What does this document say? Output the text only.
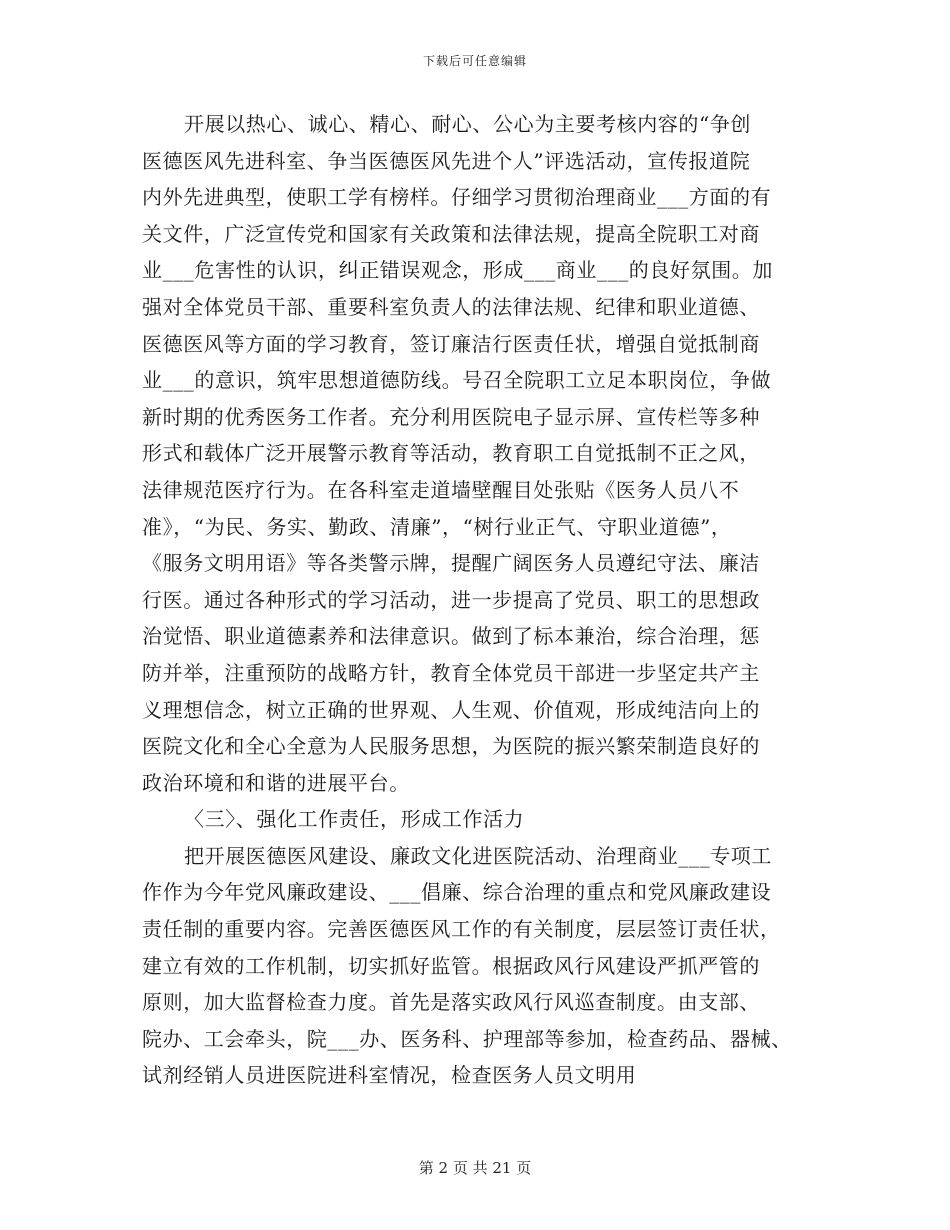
下载后可任意编辑
开展以热心、诚心、精心、耐心、公心为主要考核内容的“争创
医德医风先进科室、争当医德医风先进个人”评选活动，宣传报道院
内外先进典型，使职工学有榜样。仔细学习贯彻治理商业___方面的有
关文件，广泛宣传党和国家有关政策和法律法规，提高全院职工对商
业___危害性的认识，纠正错误观念，形成___商业___的良好氛围。加
强对全体党员干部、重要科室负责人的法律法规、纪律和职业道德、
医德医风等方面的学习教育，签订廉洁行医责任状，增强自觉抵制商
业___的意识，筑牢思想道德防线。号召全院职工立足本职岗位，争做
新时期的优秀医务工作者。充分利用医院电子显示屏、宣传栏等多种
形式和载体广泛开展警示教育等活动，教育职工自觉抵制不正之风，
法律规范医疗行为。在各科室走道墙壁醒目处张贴《医务人员八不
准》，“为民、务实、勤政、清廉”，“树行业正气、守职业道德”，
《服务文明用语》等各类警示牌，提醒广阔医务人员遵纪守法、廉洁
行医。通过各种形式的学习活动，进一步提高了党员、职工的思想政
治觉悟、职业道德素养和法律意识。做到了标本兼治，综合治理，惩
防并举，注重预防的战略方针，教育全体党员干部进一步坚定共产主
义理想信念，树立正确的世界观、人生观、价值观，形成纯洁向上的
医院文化和全心全意为人民服务思想，为医院的振兴繁荣制造良好的
政治环境和和谐的进展平台。
〈三〉、强化工作责任，形成工作活力
把开展医德医风建设、廉政文化进医院活动、治理商业___专项工
作作为今年党风廉政建设、___倡廉、综合治理的重点和党风廉政建设
责任制的重要内容。完善医德医风工作的有关制度，层层签订责任状，
建立有效的工作机制，切实抓好监管。根据政风行风建设严抓严管的
原则，加大监督检查力度。首先是落实政风行风巡查制度。由支部、
院办、工会牵头，院___办、医务科、护理部等参加，检查药品、器械、
试剂经销人员进医院进科室情况，检查医务人员文明用
第 2 页 共 21 页
